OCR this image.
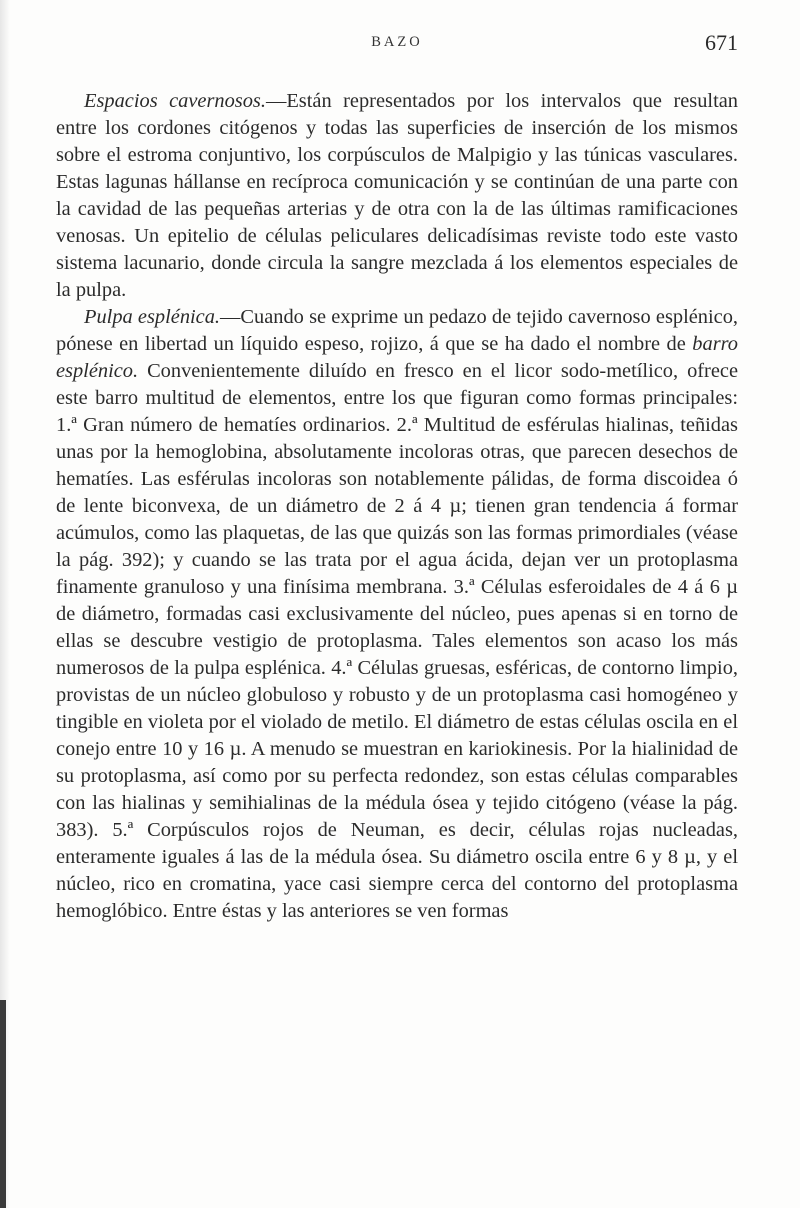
BAZO	671

Espacios cavernosos.—Están representados por los intervalos que resultan entre los cordones citógenos y todas las superficies de inserción de los mismos sobre el estroma conjuntivo, los corpúsculos de Malpigio y las túnicas vasculares. Estas lagunas hállanse en recíproca comunicación y se continúan de una parte con la cavidad de las pequeñas arterias y de otra con la de las últimas ramificaciones venosas. Un epitelio de células peliculares delicadísimas reviste todo este vasto sistema lacunario, donde circula la sangre mezclada á los elementos especiales de la pulpa.

Pulpa esplénica.—Cuando se exprime un pedazo de tejido cavernoso esplénico, pónese en libertad un líquido espeso, rojizo, á que se ha dado el nombre de barro esplénico. Convenientemente diluído en fresco en el licor sodo-metílico, ofrece este barro multitud de elementos, entre los que figuran como formas principales: 1.ª Gran número de hematíes ordinarios. 2.ª Multitud de esférulas hialinas, teñidas unas por la hemoglobina, absolutamente incoloras otras, que parecen desechos de hematíes. Las esférulas incoloras son notablemente pálidas, de forma discoidea ó de lente biconvexa, de un diámetro de 2 á 4 µ; tienen gran tendencia á formar acúmulos, como las plaquetas, de las que quizás son las formas primordiales (véase la pág. 392); y cuando se las trata por el agua ácida, dejan ver un protoplasma finamente granuloso y una finísima membrana. 3.ª Células esferoidales de 4 á 6 µ de diámetro, formadas casi exclusivamente del núcleo, pues apenas si en torno de ellas se descubre vestigio de protoplasma. Tales elementos son acaso los más numerosos de la pulpa esplénica. 4.ª Células gruesas, esféricas, de contorno limpio, provistas de un núcleo globuloso y robusto y de un protoplasma casi homogéneo y tingible en violeta por el violado de metilo. El diámetro de estas células oscila en el conejo entre 10 y 16 µ. A menudo se muestran en kariokinesis. Por la hialinidad de su protoplasma, así como por su perfecta redondez, son estas células comparables con las hialinas y semihialinas de la médula ósea y tejido citógeno (véase la pág. 383). 5.ª Corpúsculos rojos de Neuman, es decir, células rojas nucleadas, enteramente iguales á las de la médula ósea. Su diámetro oscila entre 6 y 8 µ, y el núcleo, rico en cromatina, yace casi siempre cerca del contorno del protoplasma hemoglóbico. Entre éstas y las anteriores se ven formas
